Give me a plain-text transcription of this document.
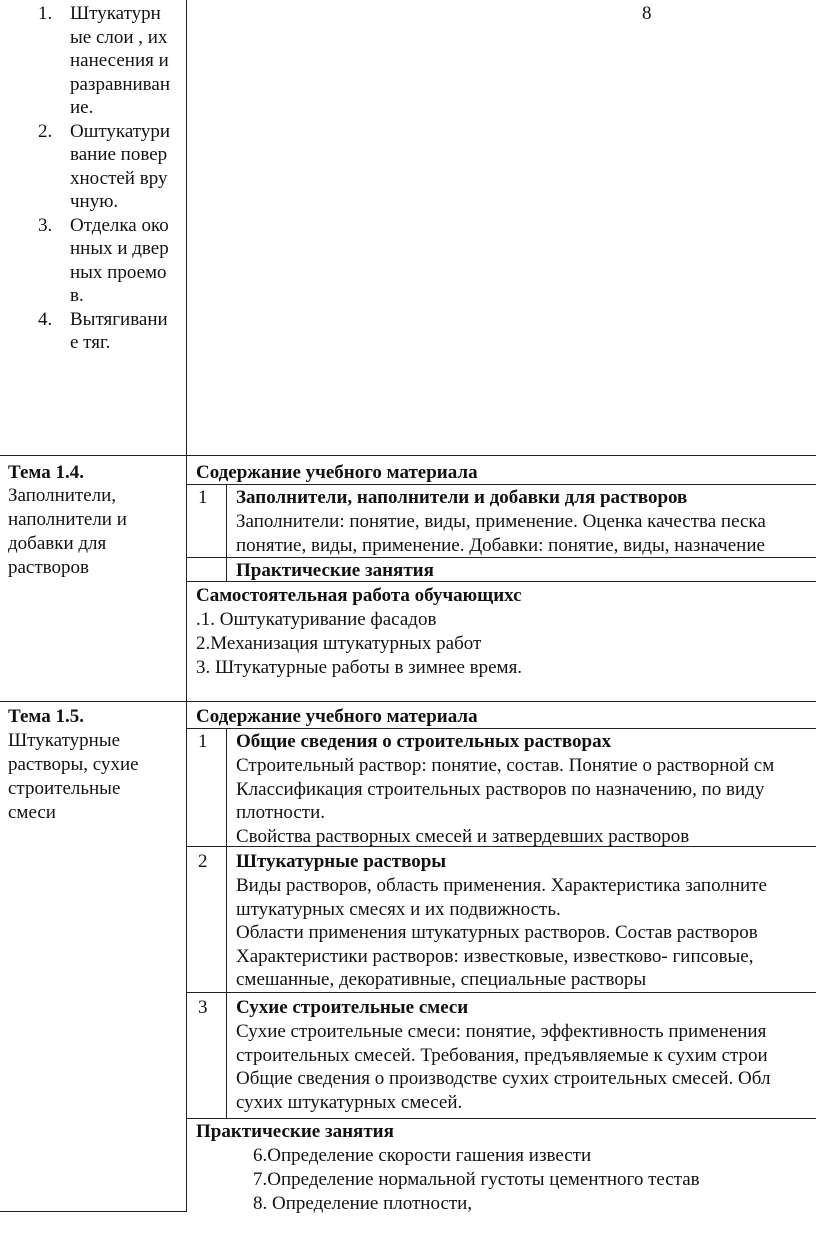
1. Штукатурные слои , их нанесения и разравнивание.
2. Оштукатуривание поверхностей вручную.
3. Отделка оконных и дверных проемов.
4. Вытягивание тяг.
8
Тема 1.4.
Заполнители,
наполнители и
добавки для
растворов
Содержание учебного материала
1 Заполнители, наполнители и добавки для растворов
Заполнители: понятие, виды, применение. Оценка качества песка
понятие, виды, применение. Добавки: понятие, виды, назначение
Практические занятия
Самостоятельная работа обучающихс
.1. Оштукатуривание фасадов
2.Механизация штукатурных работ
3. Штукатурные работы в зимнее время.
Тема 1.5.
Штукатурные
растворы, сухие
строительные
смеси
Содержание учебного материала
1 Общие сведения о строительных растворах
Строительный раствор: понятие, состав. Понятие о растворной см
Классификация строительных растворов по назначению, по виду
плотности.
Свойства растворных смесей и затвердевших растворов
2 Штукатурные растворы
Виды растворов, область применения. Характеристика заполните
штукатурных смесях и их подвижность.
Области применения штукатурных растворов. Состав растворов
Характеристики растворов: известковые, известково- гипсовые,
смешанные, декоративные, специальные растворы
3 Сухие строительные смеси
Сухие строительные смеси: понятие, эффективность применения
строительных смесей. Требования, предъявляемые к сухим строи
Общие сведения о производстве сухих строительных смесей. Обл
сухих штукатурных смесей.
Практические занятия
6.Определение скорости гашения извести
7.Определение нормальной густоты цементного тестав
8. Определение плотности,
